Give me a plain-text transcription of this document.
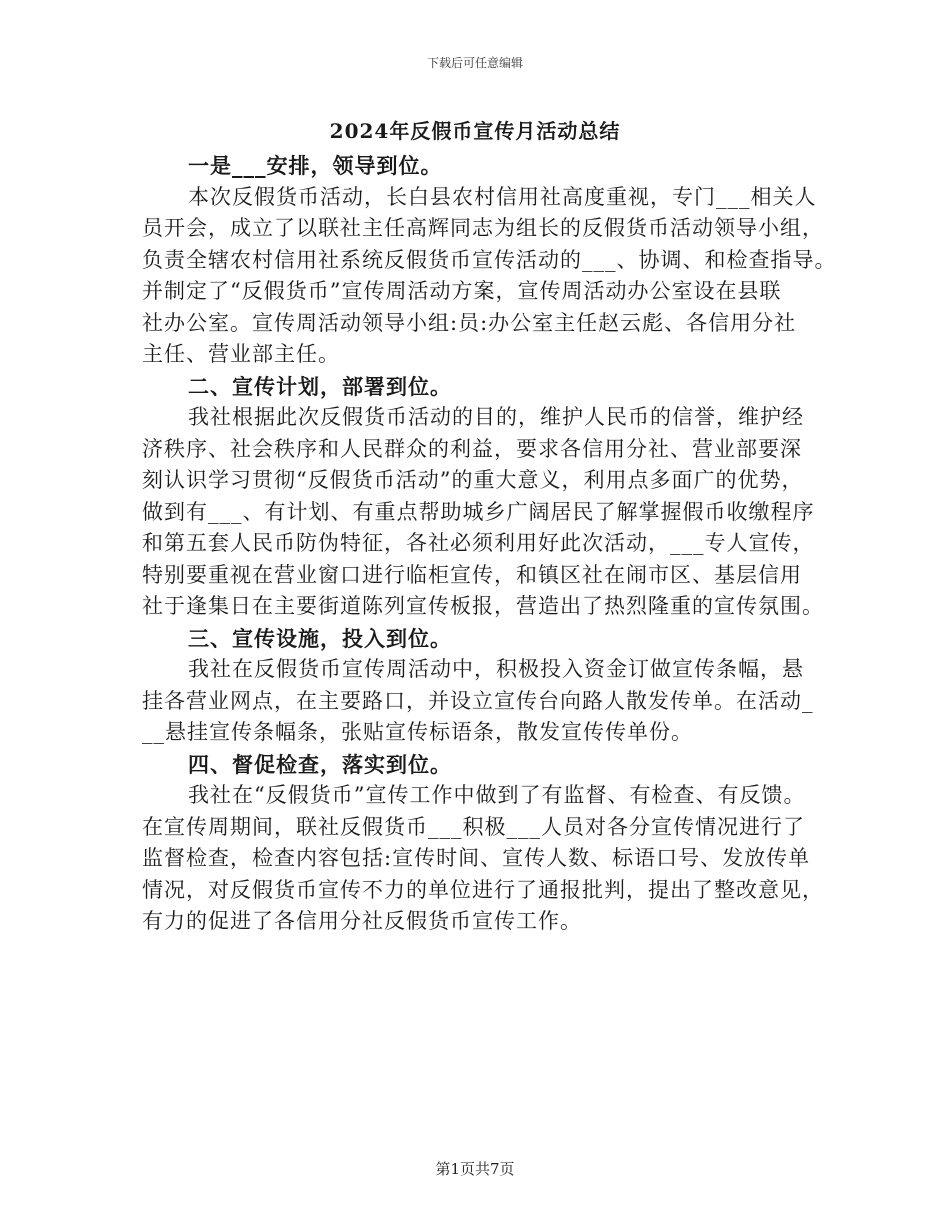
下载后可任意编辑
2024年反假币宣传月活动总结
一是___安排，领导到位。
本次反假货币活动，长白县农村信用社高度重视，专门___相关人
员开会，成立了以联社主任高辉同志为组长的反假货币活动领导小组，
负责全辖农村信用社系统反假货币宣传活动的___、协调、和检查指导。
并制定了“反假货币”宣传周活动方案，宣传周活动办公室设在县联
社办公室。宣传周活动领导小组:员:办公室主任赵云彪、各信用分社
主任、营业部主任。
二、宣传计划，部署到位。
我社根据此次反假货币活动的目的，维护人民币的信誉，维护经
济秩序、社会秩序和人民群众的利益，要求各信用分社、营业部要深
刻认识学习贯彻“反假货币活动”的重大意义，利用点多面广的优势，
做到有___、有计划、有重点帮助城乡广阔居民了解掌握假币收缴程序
和第五套人民币防伪特征，各社必须利用好此次活动，___专人宣传，
特别要重视在营业窗口进行临柜宣传，和镇区社在闹市区、基层信用
社于逢集日在主要街道陈列宣传板报，营造出了热烈隆重的宣传氛围。
三、宣传设施，投入到位。
我社在反假货币宣传周活动中，积极投入资金订做宣传条幅，悬
挂各营业网点，在主要路口，并设立宣传台向路人散发传单。在活动_
__悬挂宣传条幅条，张贴宣传标语条，散发宣传传单份。
四、督促检查，落实到位。
我社在“反假货币”宣传工作中做到了有监督、有检查、有反馈。
在宣传周期间，联社反假货币___积极___人员对各分宣传情况进行了
监督检查，检查内容包括:宣传时间、宣传人数、标语口号、发放传单
情况，对反假货币宣传不力的单位进行了通报批判，提出了整改意见，
有力的促进了各信用分社反假货币宣传工作。
第1页共7页
